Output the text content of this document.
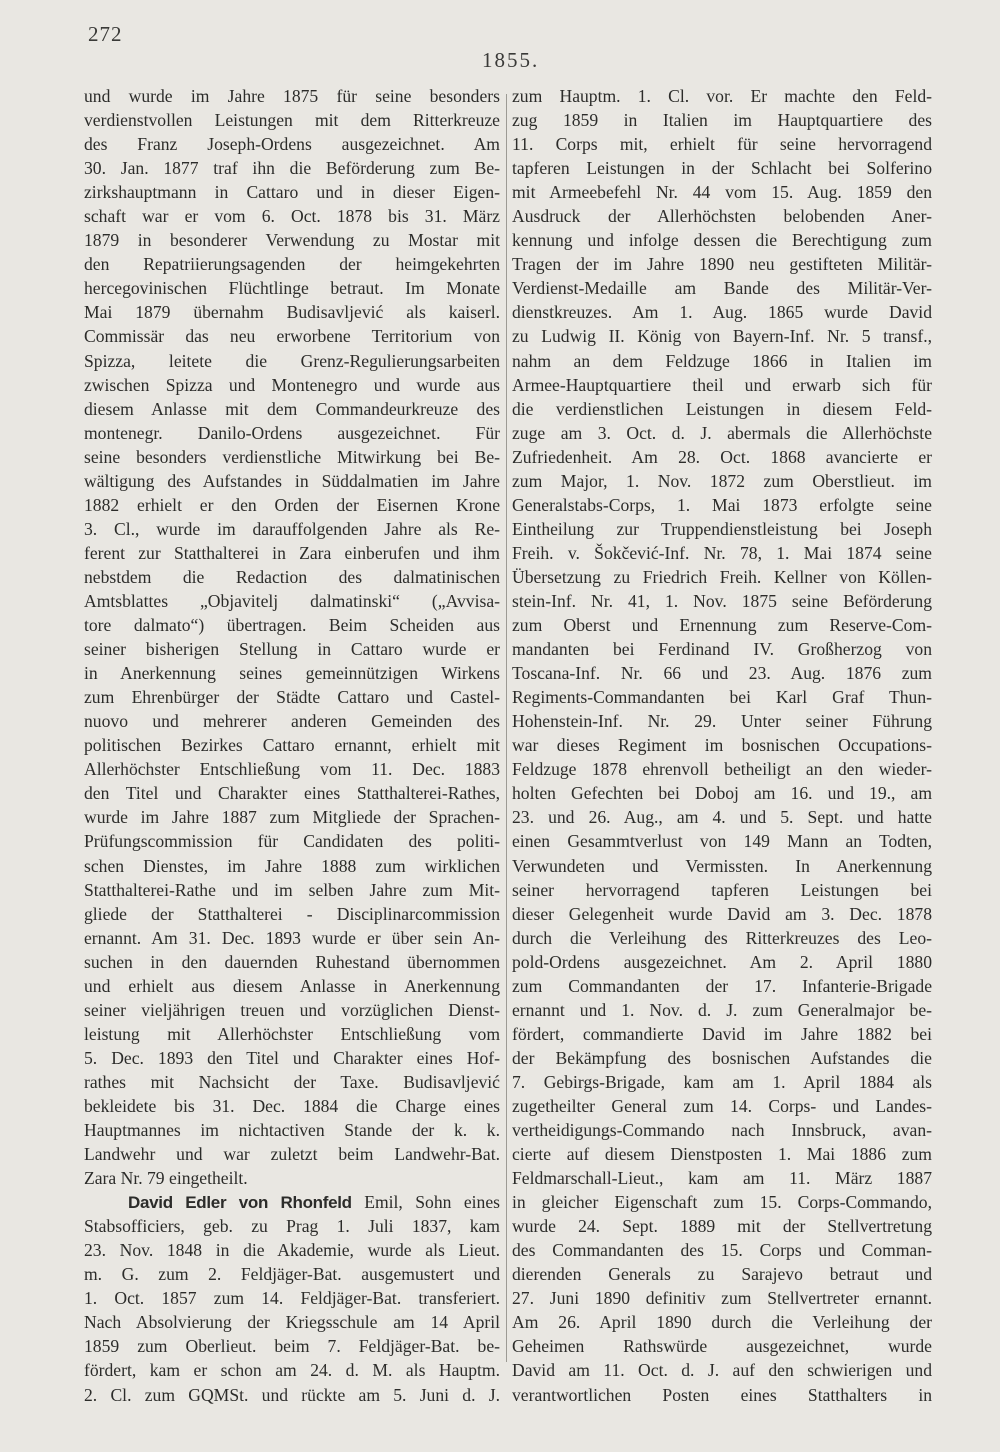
272
1855.
und wurde im Jahre 1875 für seine besonders
verdienstvollen Leistungen mit dem Ritterkreuze
des Franz Joseph-Ordens ausgezeichnet. Am
30. Jan. 1877 traf ihn die Beförderung zum Be-
zirkshauptmann in Cattaro und in dieser Eigen-
schaft war er vom 6. Oct. 1878 bis 31. März
1879 in besonderer Verwendung zu Mostar mit
den Repatriierungsagenden der heimgekehrten
hercegovinischen Flüchtlinge betraut. Im Monate
Mai 1879 übernahm Budisavljević als kaiserl.
Commissär das neu erworbene Territorium von
Spizza, leitete die Grenz-Regulierungsarbeiten
zwischen Spizza und Montenegro und wurde aus
diesem Anlasse mit dem Commandeurkreuze des
montenegr. Danilo-Ordens ausgezeichnet. Für
seine besonders verdienstliche Mitwirkung bei Be-
wältigung des Aufstandes in Süddalmatien im Jahre
1882 erhielt er den Orden der Eisernen Krone
3. Cl., wurde im darauffolgenden Jahre als Re-
ferent zur Statthalterei in Zara einberufen und ihm
nebstdem die Redaction des dalmatinischen
Amtsblattes „Objavitelj dalmatinski“ („Avvisa-
tore dalmato“) übertragen. Beim Scheiden aus
seiner bisherigen Stellung in Cattaro wurde er
in Anerkennung seines gemeinnützigen Wirkens
zum Ehrenbürger der Städte Cattaro und Castel-
nuovo und mehrerer anderen Gemeinden des
politischen Bezirkes Cattaro ernannt, erhielt mit
Allerhöchster Entschließung vom 11. Dec. 1883
den Titel und Charakter eines Statthalterei-Rathes,
wurde im Jahre 1887 zum Mitgliede der Sprachen-
Prüfungscommission für Candidaten des politi-
schen Dienstes, im Jahre 1888 zum wirklichen
Statthalterei-Rathe und im selben Jahre zum Mit-
gliede der Statthalterei - Disciplinarcommission
ernannt. Am 31. Dec. 1893 wurde er über sein An-
suchen in den dauernden Ruhestand übernommen
und erhielt aus diesem Anlasse in Anerkennung
seiner vieljährigen treuen und vorzüglichen Dienst-
leistung mit Allerhöchster Entschließung vom
5. Dec. 1893 den Titel und Charakter eines Hof-
rathes mit Nachsicht der Taxe. Budisavljević
bekleidete bis 31. Dec. 1884 die Charge eines
Hauptmannes im nichtactiven Stande der k. k.
Landwehr und war zuletzt beim Landwehr-Bat.
Zara Nr. 79 eingetheilt.
David Edler von Rhonfeld Emil, Sohn eines
Stabsofficiers, geb. zu Prag 1. Juli 1837, kam
23. Nov. 1848 in die Akademie, wurde als Lieut.
m. G. zum 2. Feldjäger-Bat. ausgemustert und
1. Oct. 1857 zum 14. Feldjäger-Bat. transferiert.
Nach Absolvierung der Kriegsschule am 14 April
1859 zum Oberlieut. beim 7. Feldjäger-Bat. be-
fördert, kam er schon am 24. d. M. als Hauptm.
2. Cl. zum GQMSt. und rückte am 5. Juni d. J.
zum Hauptm. 1. Cl. vor. Er machte den Feld-
zug 1859 in Italien im Hauptquartiere des
11. Corps mit, erhielt für seine hervorragend
tapferen Leistungen in der Schlacht bei Solferino
mit Armeebefehl Nr. 44 vom 15. Aug. 1859 den
Ausdruck der Allerhöchsten belobenden Aner-
kennung und infolge dessen die Berechtigung zum
Tragen der im Jahre 1890 neu gestifteten Militär-
Verdienst-Medaille am Bande des Militär-Ver-
dienstkreuzes. Am 1. Aug. 1865 wurde David
zu Ludwig II. König von Bayern-Inf. Nr. 5 transf.,
nahm an dem Feldzuge 1866 in Italien im
Armee-Hauptquartiere theil und erwarb sich für
die verdienstlichen Leistungen in diesem Feld-
zuge am 3. Oct. d. J. abermals die Allerhöchste
Zufriedenheit. Am 28. Oct. 1868 avancierte er
zum Major, 1. Nov. 1872 zum Oberstlieut. im
Generalstabs-Corps, 1. Mai 1873 erfolgte seine
Eintheilung zur Truppendienstleistung bei Joseph
Freih. v. Šokčević-Inf. Nr. 78, 1. Mai 1874 seine
Übersetzung zu Friedrich Freih. Kellner von Köllen-
stein-Inf. Nr. 41, 1. Nov. 1875 seine Beförderung
zum Oberst und Ernennung zum Reserve-Com-
mandanten bei Ferdinand IV. Großherzog von
Toscana-Inf. Nr. 66 und 23. Aug. 1876 zum
Regiments-Commandanten bei Karl Graf Thun-
Hohenstein-Inf. Nr. 29. Unter seiner Führung
war dieses Regiment im bosnischen Occupations-
Feldzuge 1878 ehrenvoll betheiligt an den wieder-
holten Gefechten bei Doboj am 16. und 19., am
23. und 26. Aug., am 4. und 5. Sept. und hatte
einen Gesammtverlust von 149 Mann an Todten,
Verwundeten und Vermissten. In Anerkennung
seiner hervorragend tapferen Leistungen bei
dieser Gelegenheit wurde David am 3. Dec. 1878
durch die Verleihung des Ritterkreuzes des Leo-
pold-Ordens ausgezeichnet. Am 2. April 1880
zum Commandanten der 17. Infanterie-Brigade
ernannt und 1. Nov. d. J. zum Generalmajor be-
fördert, commandierte David im Jahre 1882 bei
der Bekämpfung des bosnischen Aufstandes die
7. Gebirgs-Brigade, kam am 1. April 1884 als
zugetheilter General zum 14. Corps- und Landes-
vertheidigungs-Commando nach Innsbruck, avan-
cierte auf diesem Dienstposten 1. Mai 1886 zum
Feldmarschall-Lieut., kam am 11. März 1887
in gleicher Eigenschaft zum 15. Corps-Commando,
wurde 24. Sept. 1889 mit der Stellvertretung
des Commandanten des 15. Corps und Comman-
dierenden Generals zu Sarajevo betraut und
27. Juni 1890 definitiv zum Stellvertreter ernannt.
Am 26. April 1890 durch die Verleihung der
Geheimen Rathswürde ausgezeichnet, wurde
David am 11. Oct. d. J. auf den schwierigen und
verantwortlichen Posten eines Statthalters in
